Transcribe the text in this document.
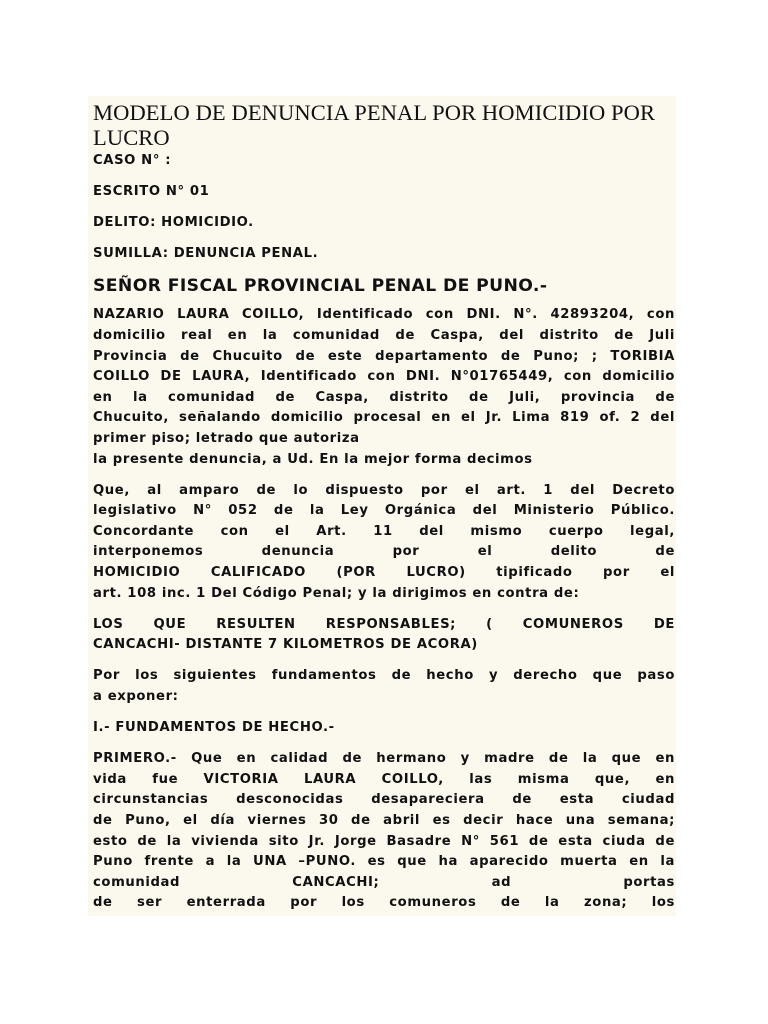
MODELO DE DENUNCIA PENAL POR HOMICIDIO POR LUCRO
CASO N° :
ESCRITO N° 01
DELITO: HOMICIDIO.
SUMILLA: DENUNCIA PENAL.
SEÑOR FISCAL PROVINCIAL PENAL DE PUNO.-
NAZARIO LAURA COILLO, Identificado con DNI. N°. 42893204, con
domicilio real en la comunidad de Caspa, del distrito de Juli
Provincia de Chucuito de este departamento de Puno; ; TORIBIA
COILLO DE LAURA, Identificado con DNI. N°01765449, con domicilio
en la comunidad de Caspa, distrito de Juli, provincia de
Chucuito, señalando domicilio procesal en el Jr. Lima 819 of. 2 del
primer piso; letrado que autoriza
la presente denuncia, a Ud. En la mejor forma decimos
Que, al amparo de lo dispuesto por el art. 1 del Decreto
legislativo N° 052 de la Ley Orgánica del Ministerio Público.
Concordante con el Art. 11 del mismo cuerpo legal,
interponemos denuncia por el delito de
HOMICIDIO CALIFICADO (POR LUCRO) tipificado por el
art. 108 inc. 1 Del Código Penal; y la dirigimos en contra de:
LOS QUE RESULTEN RESPONSABLES; ( COMUNEROS DE
CANCACHI- DISTANTE 7 KILOMETROS DE ACORA)
Por los siguientes fundamentos de hecho y derecho que paso
a exponer:
I.- FUNDAMENTOS DE HECHO.-
PRIMERO.- Que en calidad de hermano y madre de la que en
vida fue VICTORIA LAURA COILLO, las misma que, en
circunstancias desconocidas desapareciera de esta ciudad
de Puno, el día viernes 30 de abril es decir hace una semana;
esto de la vivienda sito Jr. Jorge Basadre N° 561 de esta ciuda de
Puno frente a la UNA –PUNO. es que ha aparecido muerta en la
comunidad CANCACHI; ad portas
de ser enterrada por los comuneros de la zona; los
